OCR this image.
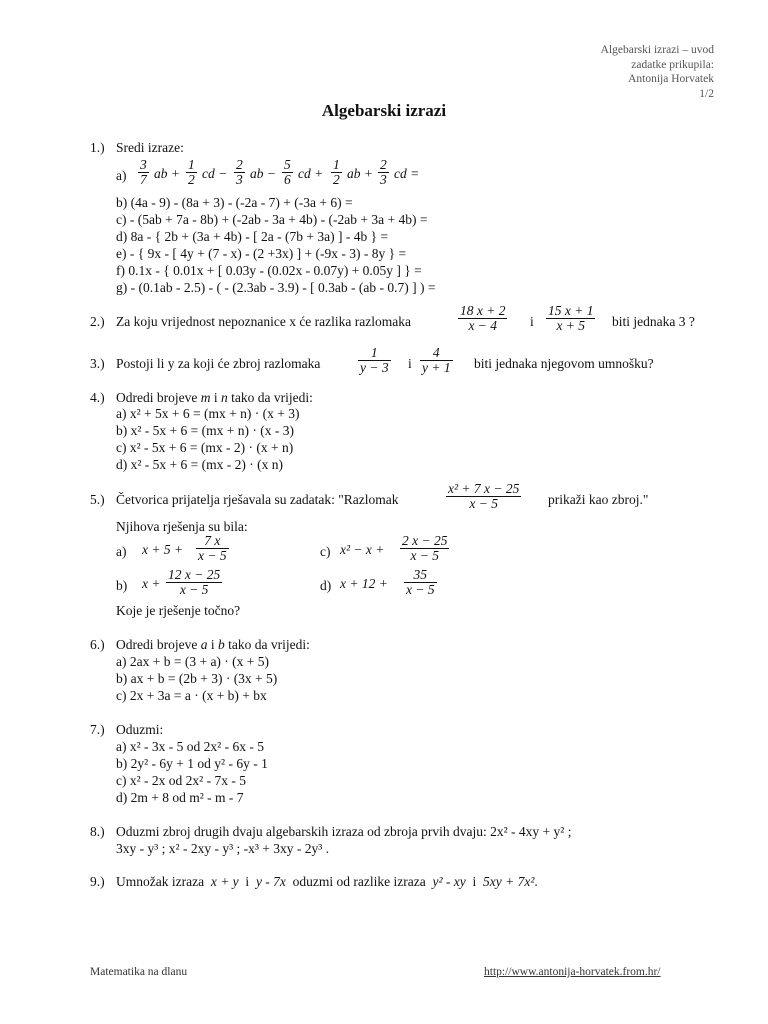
Algebarski izrazi – uvod
zadatke prikupila:
Antonija Horvatek
1/2
Algebarski izrazi
1.) Sredi izraze:
$a) \frac{3}{7}$ ab + $\frac{1}{2}$ cd − $\frac{2}{3}$ ab − $\frac{5}{6}$ cd + $\frac{1}{2}$ ab + $\frac{2}{3}$ cd =
b) (4a - 9) - (8a + 3) - (-2a - 7) + (-3a + 6) =
c) - (5ab + 7a - 8b) + (-2ab - 3a + 4b) - (-2ab + 3a + 4b) =
d) 8a - { 2b + (3a + 4b) - [ 2a - (7b + 3a) ] - 4b } =
e) - { 9x - [ 4y + (7 - x) - (2 +3x) ] + (-9x - 3) - 8y } =
f) 0.1x - { 0.01x + [ 0.03y - (0.02x - 0.07y) + 0.05y ] } =
g) - (0.1ab - 2.5) - ( - (2.3ab - 3.9) - [ 0.3ab - (ab - 0.7) ] ) =
2.) Za koju vrijednost nepoznanice x će razlika razlomaka	$\frac{18 x + 2}{x - 4}$ i $\frac{15 x + 1}{x + 5}$ biti jednaka 3 ?
3.) Postoji li y za koji će zbroj razlomaka	$\frac{1}{y - 3}$ i $\frac{4}{y + 1}$ biti jednaka njegovom umnošku?
4.) Odredi brojeve m i n tako da vrijedi:
a) x² + 5x + 6 = (mx + n) · (x + 3)
b) x² - 5x + 6 = (mx + n) · (x - 3)
c) x² - 5x + 6 = (mx - 2) · (x + n)
d) x² - 5x + 6 = (mx - 2) · (x n)
5.) Četvorica prijatelja rješavala su zadatak: "Razlomak	$\frac{\text{x² + 7 x − 25}}{x - 5}$ prikaži kao zbroj."
Njihova rješenja su bila:
a) $x + 5 + \frac{7 x}{x - 5}$	c) $x^2 - x + \frac{2 x - 25}{x - 5}$
b) $x + \frac{12 x - 25}{x - 5}$	d) $x + 12 + \frac{35}{x - 5}$
Koje je rješenje točno?
6.) Odredi brojeve a i b tako da vrijedi:
a) 2ax + b = (3 + a) · (x + 5)
b) ax + b = (2b + 3) · (3x + 5)
c) 2x + 3a = a · (x + b) + bx
7.) Oduzmi:
a) x² - 3x - 5 od 2x² - 6x - 5
b) 2y² - 6y + 1 od y² - 6y - 1
c) x² - 2x od 2x² - 7x - 5
d) 2m + 8 od m² - m - 7
8.) Oduzmi zbroj drugih dvaju algebarskih izraza od zbroja prvih dvaju: 2x² - 4xy + y² ;
3xy - y³ ; x² - 2xy - y³ ; -x³ + 3xy - 2y³ .
9.) Umnožak izraza x + y i y - 7x oduzmi od razlike izraza y² - xy i 5xy + 7x².
Matematika na dlanu	http://www.antonija-horvatek.from.hr/
